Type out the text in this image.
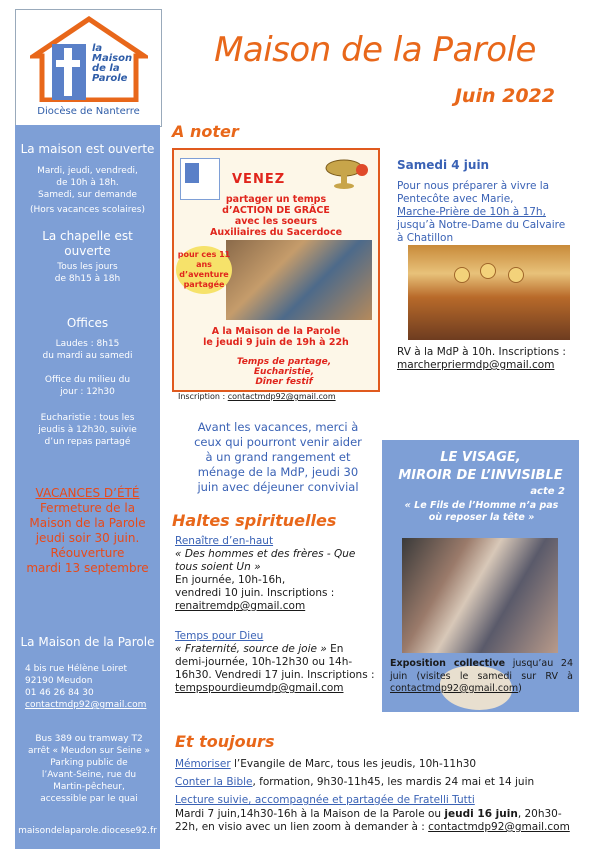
la
Maison
de la
Parole
Diocèse de Nanterre
La maison est ouverte

Mardi, jeudi, vendredi,

de 10h à 18h.

Samedi, sur demande

(Hors vacances scolaires)

La chapelle est
ouverte

Tous les jours

de 8h15 à 18h

Offices

Laudes : 8h15

du mardi au samedi

Office du milieu du

jour : 12h30

Eucharistie : tous les

jeudis à 12h30, suivie

d’un repas partagé

VACANCES D’ÉTÉ
Fermeture de la
Maison de la Parole
jeudi soir 30 juin.
Réouverture
mardi 13 septembre
La Maison de la Parole

4 bis rue Hélène Loiret

92190 Meudon

01 46 26 84 30

contactmdp92@gmail.com

Bus 389 ou tramway T2

arrêt « Meudon sur Seine »

Parking public de

l’Avant-Seine, rue du

Martin-pêcheur,

accessible par le quai

maisondelaparole.diocese92.fr

Maison de la Parole
Juin 2022
A noter
VENEZ
partager un temps
d’ACTION DE GRÂCE
avec les soeurs
Auxiliaires du Sacerdoce
pour ces 11 ans
d’aventure
partagée
A la Maison de la Parole
le jeudi 9 juin de 19h à 22h
Temps de partage,
Eucharistie,
Dîner festif
Inscription : contactmdp92@gmail.com
Avant les vacances, merci à
ceux qui pourront venir aider
à un grand rangement et
ménage de la MdP, jeudi 30
juin avec déjeuner convivial
Samedi 4 juin
Pour nous préparer à vivre la
Pentecôte avec Marie,
Marche-Prière de 10h à 17h,
jusqu’à Notre-Dame du Calvaire
à Chatillon
RV à la MdP à 10h. Inscriptions :
marcherpriermdp@gmail.com
LE VISAGE,
MIROIR DE L’INVISIBLE
acte 2
« Le Fils de l’Homme n’a pas
où reposer la tête »
Exposition collective jusqu’au 24 juin (visites le samedi sur RV à contactmdp92@gmail.com)
Haltes spirituelles
Renaître d’en-haut
« Des hommes et des frères - Que tous soient Un »
En journée, 10h-16h,
vendredi 10 juin. Inscriptions :
renaitremdp@gmail.com
Temps pour Dieu
« Fraternité, source de joie » En demi-journée, 10h-12h30 ou 14h-16h30. Vendredi 17 juin. Inscriptions :
tempspourdieumdp@gmail.com
Et toujours
Mémoriser l’Evangile de Marc, tous les jeudis, 10h-11h30
Conter la Bible, formation, 9h30-11h45, les mardis 24 mai et 14 juin
Lecture suivie, accompagnée et partagée de Fratelli Tutti
Mardi 7 juin,14h30-16h à la Maison de la Parole ou jeudi 16 juin, 20h30-22h, en visio avec un lien zoom à demander à : contactmdp92@gmail.com
